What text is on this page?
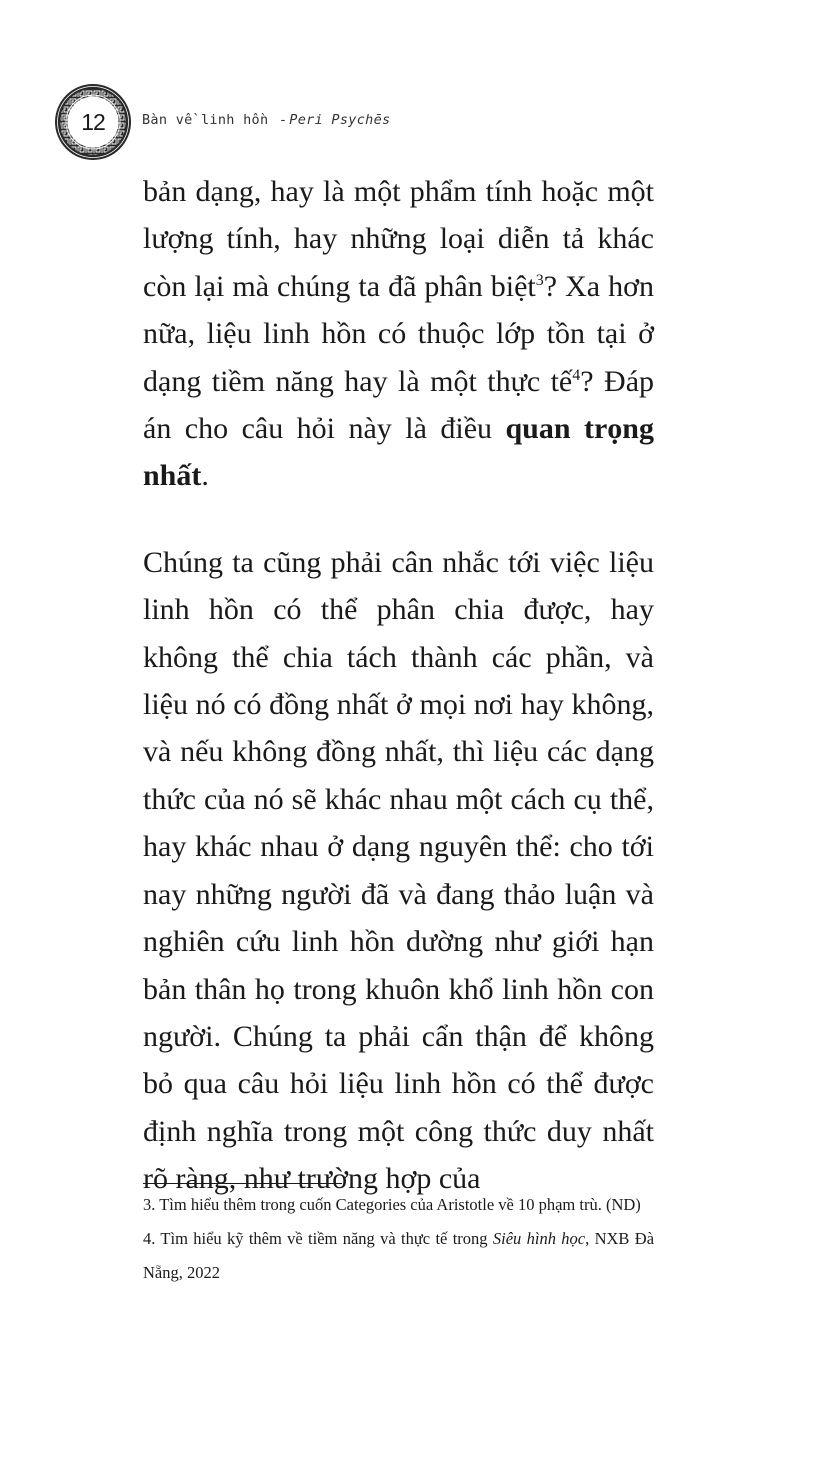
12	Bàn về linh hồn - Peri Psychēs

bản dạng, hay là một phẩm tính hoặc một lượng tính, hay những loại diễn tả khác còn lại mà chúng ta đã phân biệt$^3$? Xa hơn nữa, liệu linh hồn có thuộc lớp tồn tại ở dạng tiềm năng hay là một thực tế$^4$? Đáp án cho câu hỏi này là điều quan trọng nhất.

Chúng ta cũng phải cân nhắc tới việc liệu linh hồn có thể phân chia được, hay không thể chia tách thành các phần, và liệu nó có đồng nhất ở mọi nơi hay không, và nếu không đồng nhất, thì liệu các dạng thức của nó sẽ khác nhau một cách cụ thể, hay khác nhau ở dạng nguyên thể: cho tới nay những người đã và đang thảo luận và nghiên cứu linh hồn dường như giới hạn bản thân họ trong khuôn khổ linh hồn con người. Chúng ta phải cẩn thận để không bỏ qua câu hỏi liệu linh hồn có thể được định nghĩa trong một công thức duy nhất rõ ràng, như trường hợp của

3. Tìm hiểu thêm trong cuốn Categories của Aristotle về 10 phạm trù. (ND)

4. Tìm hiểu kỹ thêm về tiềm năng và thực tế trong Siêu hình học, NXB Đà Nẵng, 2022
